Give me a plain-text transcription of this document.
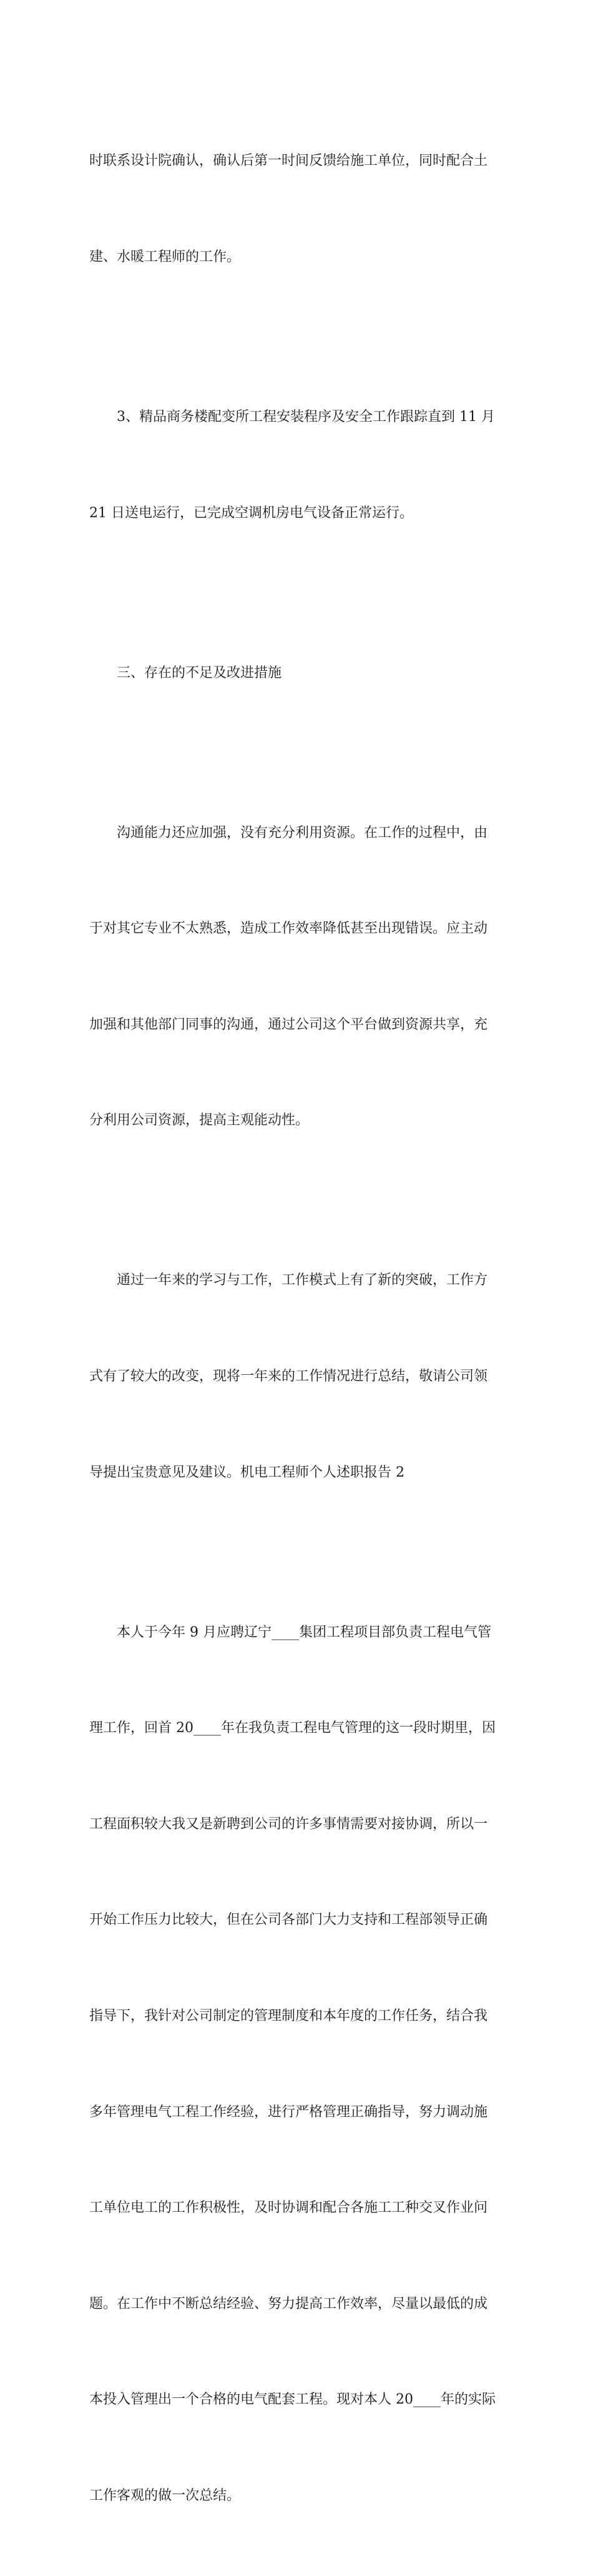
时联系设计院确认，确认后第一时间反馈给施工单位，同时配合土

建、水暖工程师的工作。

　　3、精品商务楼配变所工程安装程序及安全工作跟踪直到 11 月

21 日送电运行，已完成空调机房电气设备正常运行。

　　三、存在的不足及改进措施

　　沟通能力还应加强，没有充分利用资源。在工作的过程中，由

于对其它专业不太熟悉，造成工作效率降低甚至出现错误。应主动

加强和其他部门同事的沟通，通过公司这个平台做到资源共享，充

分利用公司资源，提高主观能动性。

　　通过一年来的学习与工作，工作模式上有了新的突破，工作方

式有了较大的改变，现将一年来的工作情况进行总结，敬请公司领

导提出宝贵意见及建议。机电工程师个人述职报告 2

　　本人于今年 9 月应聘辽宁____集团工程项目部负责工程电气管

理工作，回首 20____年在我负责工程电气管理的这一段时期里，因

工程面积较大我又是新聘到公司的许多事情需要对接协调，所以一

开始工作压力比较大，但在公司各部门大力支持和工程部领导正确

指导下，我针对公司制定的管理制度和本年度的工作任务，结合我

多年管理电气工程工作经验，进行严格管理正确指导，努力调动施

工单位电工的工作积极性，及时协调和配合各施工工种交叉作业问

题。在工作中不断总结经验、努力提高工作效率，尽量以最低的成

本投入管理出一个合格的电气配套工程。现对本人 20____年的实际

工作客观的做一次总结。
